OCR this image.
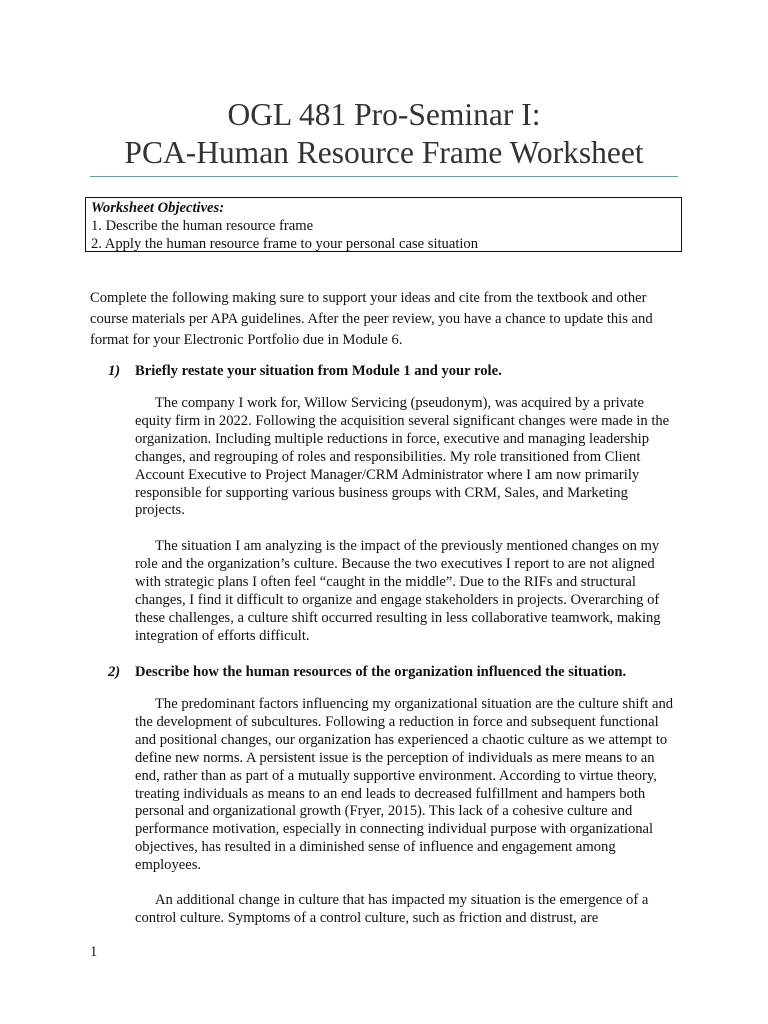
OGL 481 Pro-Seminar I:
PCA-Human Resource Frame Worksheet
Worksheet Objectives:
1. Describe the human resource frame
2. Apply the human resource frame to your personal case situation

Complete the following making sure to support your ideas and cite from the textbook and other course materials per APA guidelines. After the peer review, you have a chance to update this and format for your Electronic Portfolio due in Module 6.

1) Briefly restate your situation from Module 1 and your role.

The company I work for, Willow Servicing (pseudonym), was acquired by a private equity firm in 2022. Following the acquisition several significant changes were made in the organization. Including multiple reductions in force, executive and managing leadership changes, and regrouping of roles and responsibilities. My role transitioned from Client Account Executive to Project Manager/CRM Administrator where I am now primarily responsible for supporting various business groups with CRM, Sales, and Marketing projects.

The situation I am analyzing is the impact of the previously mentioned changes on my role and the organization’s culture. Because the two executives I report to are not aligned with strategic plans I often feel “caught in the middle”. Due to the RIFs and structural changes, I find it difficult to organize and engage stakeholders in projects. Overarching of these challenges, a culture shift occurred resulting in less collaborative teamwork, making integration of efforts difficult.

2) Describe how the human resources of the organization influenced the situation.

The predominant factors influencing my organizational situation are the culture shift and the development of subcultures. Following a reduction in force and subsequent functional and positional changes, our organization has experienced a chaotic culture as we attempt to define new norms. A persistent issue is the perception of individuals as mere means to an end, rather than as part of a mutually supportive environment. According to virtue theory, treating individuals as means to an end leads to decreased fulfillment and hampers both personal and organizational growth (Fryer, 2015). This lack of a cohesive culture and performance motivation, especially in connecting individual purpose with organizational objectives, has resulted in a diminished sense of influence and engagement among employees.

An additional change in culture that has impacted my situation is the emergence of a control culture. Symptoms of a control culture, such as friction and distrust, are

1
